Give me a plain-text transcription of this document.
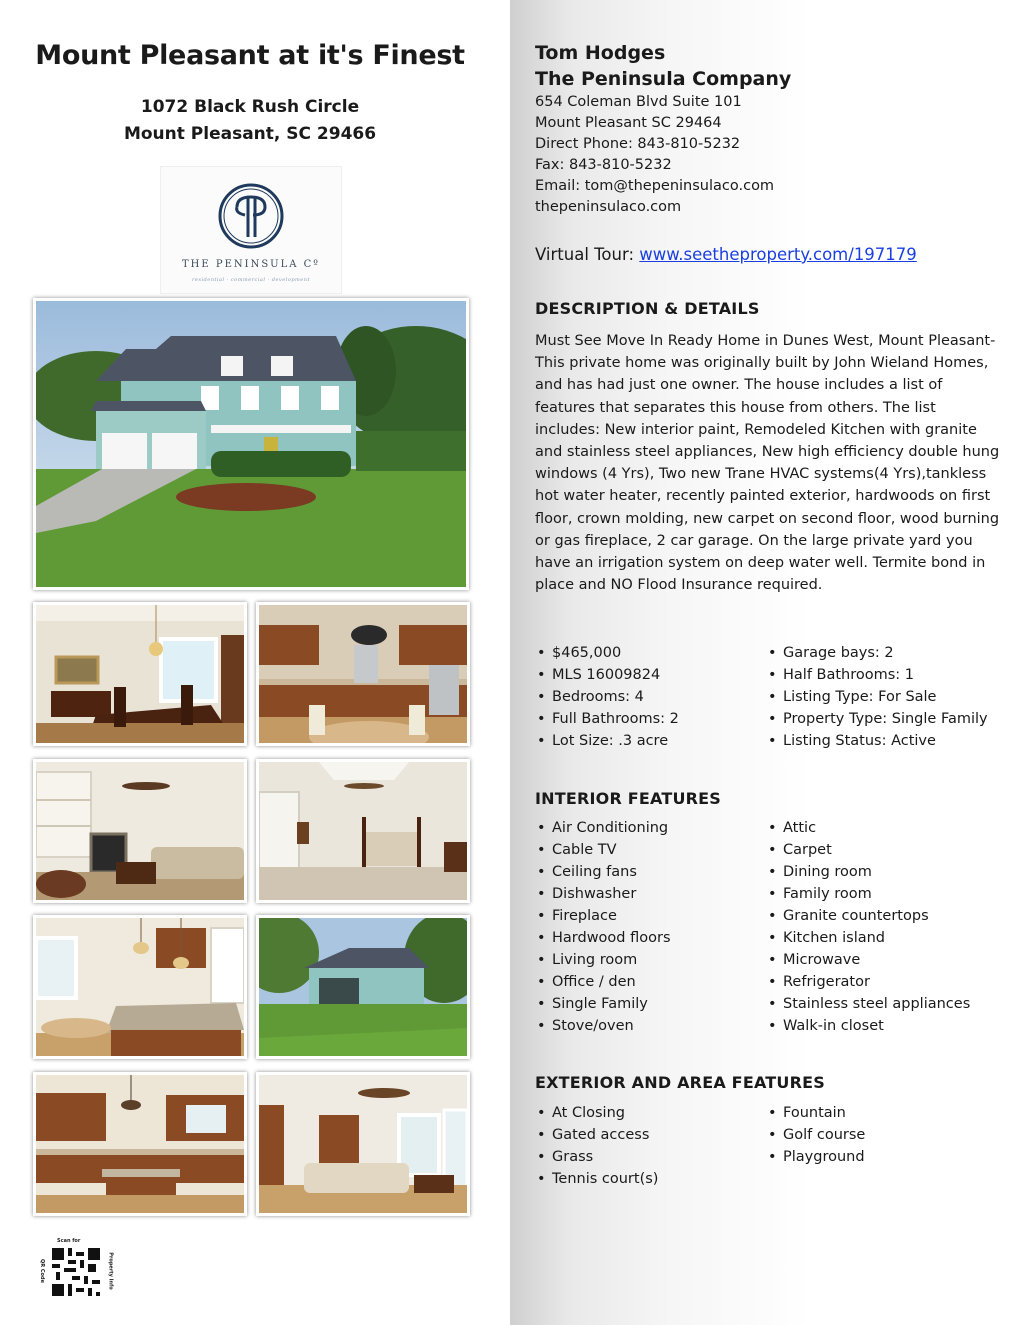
Mount Pleasant at it's Finest
1072 Black Rush Circle
Mount Pleasant, SC 29466
THE PENINSULA Cº
residential · commercial · development
Scan for
QR Code	Property Info
Tom Hodges
The Peninsula Company
654 Coleman Blvd Suite 101
Mount Pleasant SC 29464
Direct Phone: 843-810-5232
Fax: 843-810-5232
Email: tom@thepeninsulaco.com
thepeninsulaco.com
Virtual Tour: www.seetheproperty.com/197179
DESCRIPTION & DETAILS
Must See Move In Ready Home in Dunes West, Mount Pleasant-This private home was originally built by John Wieland Homes, and has had just one owner. The house includes a list of features that separates this house from others. The list includes: New interior paint, Remodeled Kitchen with granite and stainless steel appliances, New high efficiency double hung windows (4 Yrs), Two new Trane HVAC systems(4 Yrs),tankless hot water heater, recently painted exterior, hardwoods on first floor, crown molding, new carpet on second floor, wood burning or gas fireplace, 2 car garage. On the large private yard you have an irrigation system on deep water well. Termite bond in place and NO Flood Insurance required.
• $465,000
• MLS 16009824
• Bedrooms: 4
• Full Bathrooms: 2
• Lot Size: .3 acre
• Garage bays: 2
• Half Bathrooms: 1
• Listing Type: For Sale
• Property Type: Single Family
• Listing Status: Active
INTERIOR FEATURES
• Air Conditioning
• Cable TV
• Ceiling fans
• Dishwasher
• Fireplace
• Hardwood floors
• Living room
• Office / den
• Single Family
• Stove/oven
• Attic
• Carpet
• Dining room
• Family room
• Granite countertops
• Kitchen island
• Microwave
• Refrigerator
• Stainless steel appliances
• Walk-in closet
EXTERIOR AND AREA FEATURES
• At Closing
• Gated access
• Grass
• Tennis court(s)
• Fountain
• Golf course
• Playground
